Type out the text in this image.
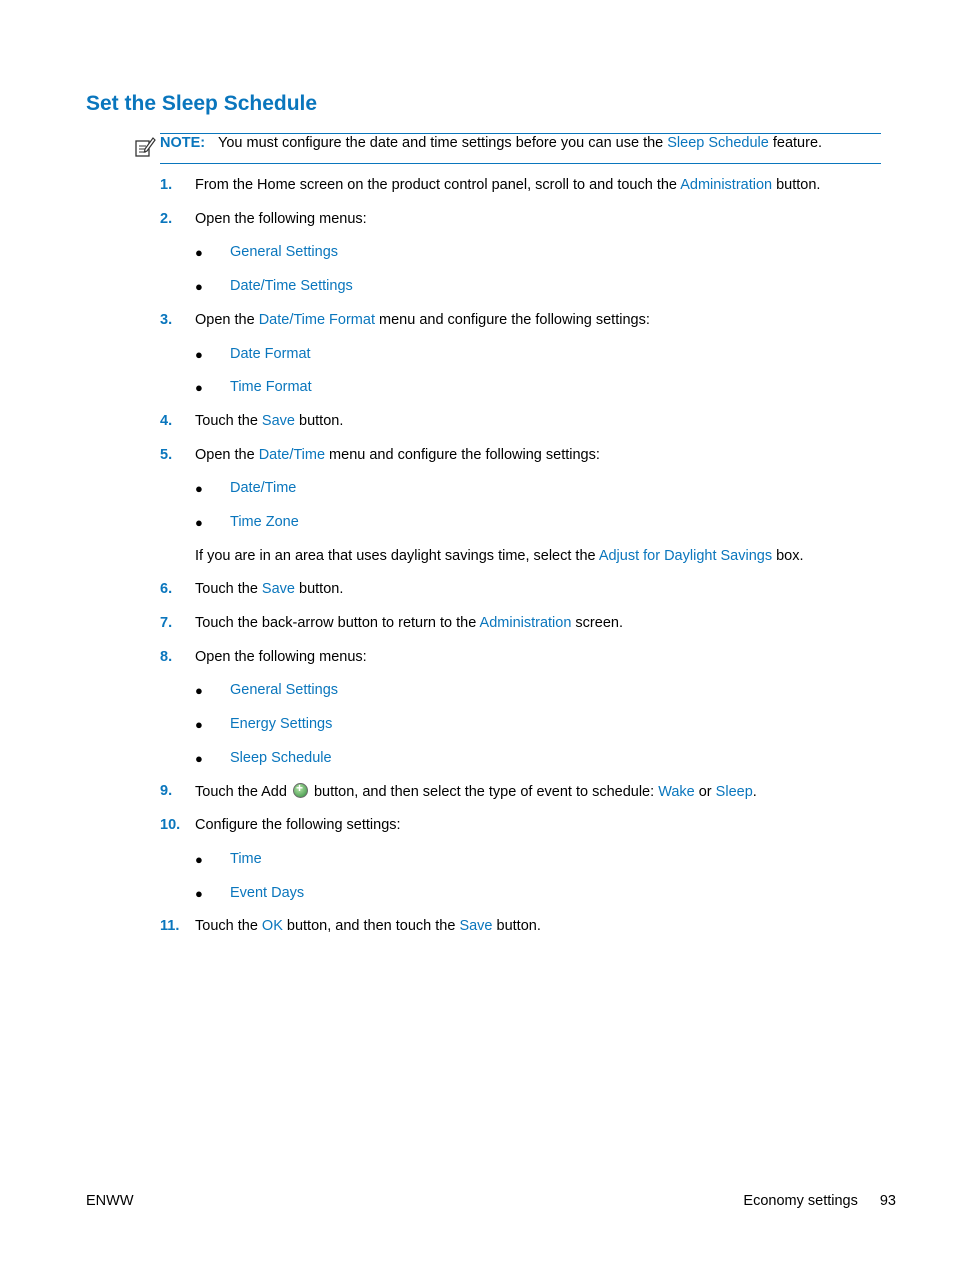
Set the Sleep Schedule
NOTE: You must configure the date and time settings before you can use the Sleep Schedule feature.
1. From the Home screen on the product control panel, scroll to and touch the Administration button.
2. Open the following menus:
● General Settings
● Date/Time Settings
3. Open the Date/Time Format menu and configure the following settings:
● Date Format
● Time Format
4. Touch the Save button.
5. Open the Date/Time menu and configure the following settings:
● Date/Time
● Time Zone
If you are in an area that uses daylight savings time, select the Adjust for Daylight Savings box.
6. Touch the Save button.
7. Touch the back-arrow button to return to the Administration screen.
8. Open the following menus:
● General Settings
● Energy Settings
● Sleep Schedule
9. Touch the Add + button, and then select the type of event to schedule: Wake or Sleep.
10. Configure the following settings:
● Time
● Event Days
11. Touch the OK button, and then touch the Save button.
ENWW	Economy settings 93
